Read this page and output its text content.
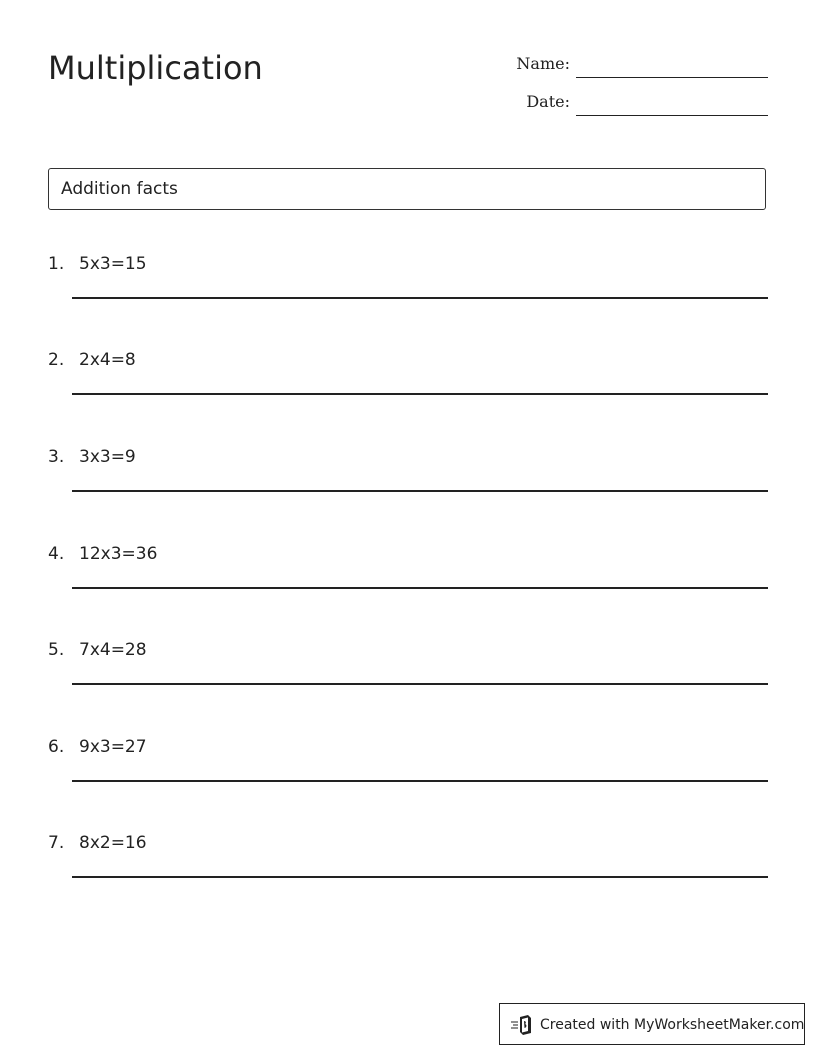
Multiplication	Name:
Date:
Addition facts
1. 5x3=15
2. 2x4=8
3. 3x3=9
4. 12x3=36
5. 7x4=28
6. 9x3=27
7. 8x2=16
Created with MyWorksheetMaker.com
